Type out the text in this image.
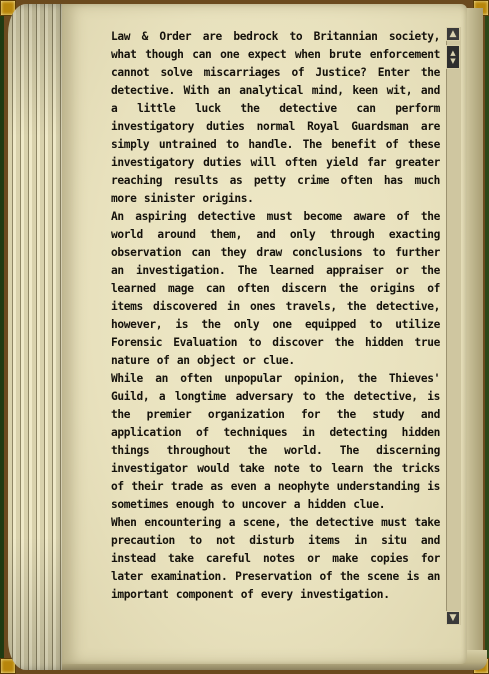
Law & Order are bedrock to Britannian society, what though can one expect when brute enforcement cannot solve miscarriages of Justice? Enter the detective. With an analytical mind, keen wit, and a little luck the detective can perform investigatory duties normal Royal Guardsman are simply untrained to handle. The benefit of these investigatory duties will often yield far greater reaching results as petty crime often has much more sinister origins.

An aspiring detective must become aware of the world around them, and only through exacting observation can they draw conclusions to further an investigation. The learned appraiser or the learned mage can often discern the origins of items discovered in ones travels, the detective, however, is the only one equipped to utilize Forensic Evaluation to discover the hidden true nature of an object or clue.

While an often unpopular opinion, the Thieves' Guild, a longtime adversary to the detective, is the premier organization for the study and application of techniques in detecting hidden things throughout the world. The discerning investigator would take note to learn the tricks of their trade as even a neophyte understanding is sometimes enough to uncover a hidden clue.

When encountering a scene, the detective must take precaution to not disturb items in situ and instead take careful notes or make copies for later examination. Preservation of the scene is an important component of every investigation.

▲
▲
▼
▼
